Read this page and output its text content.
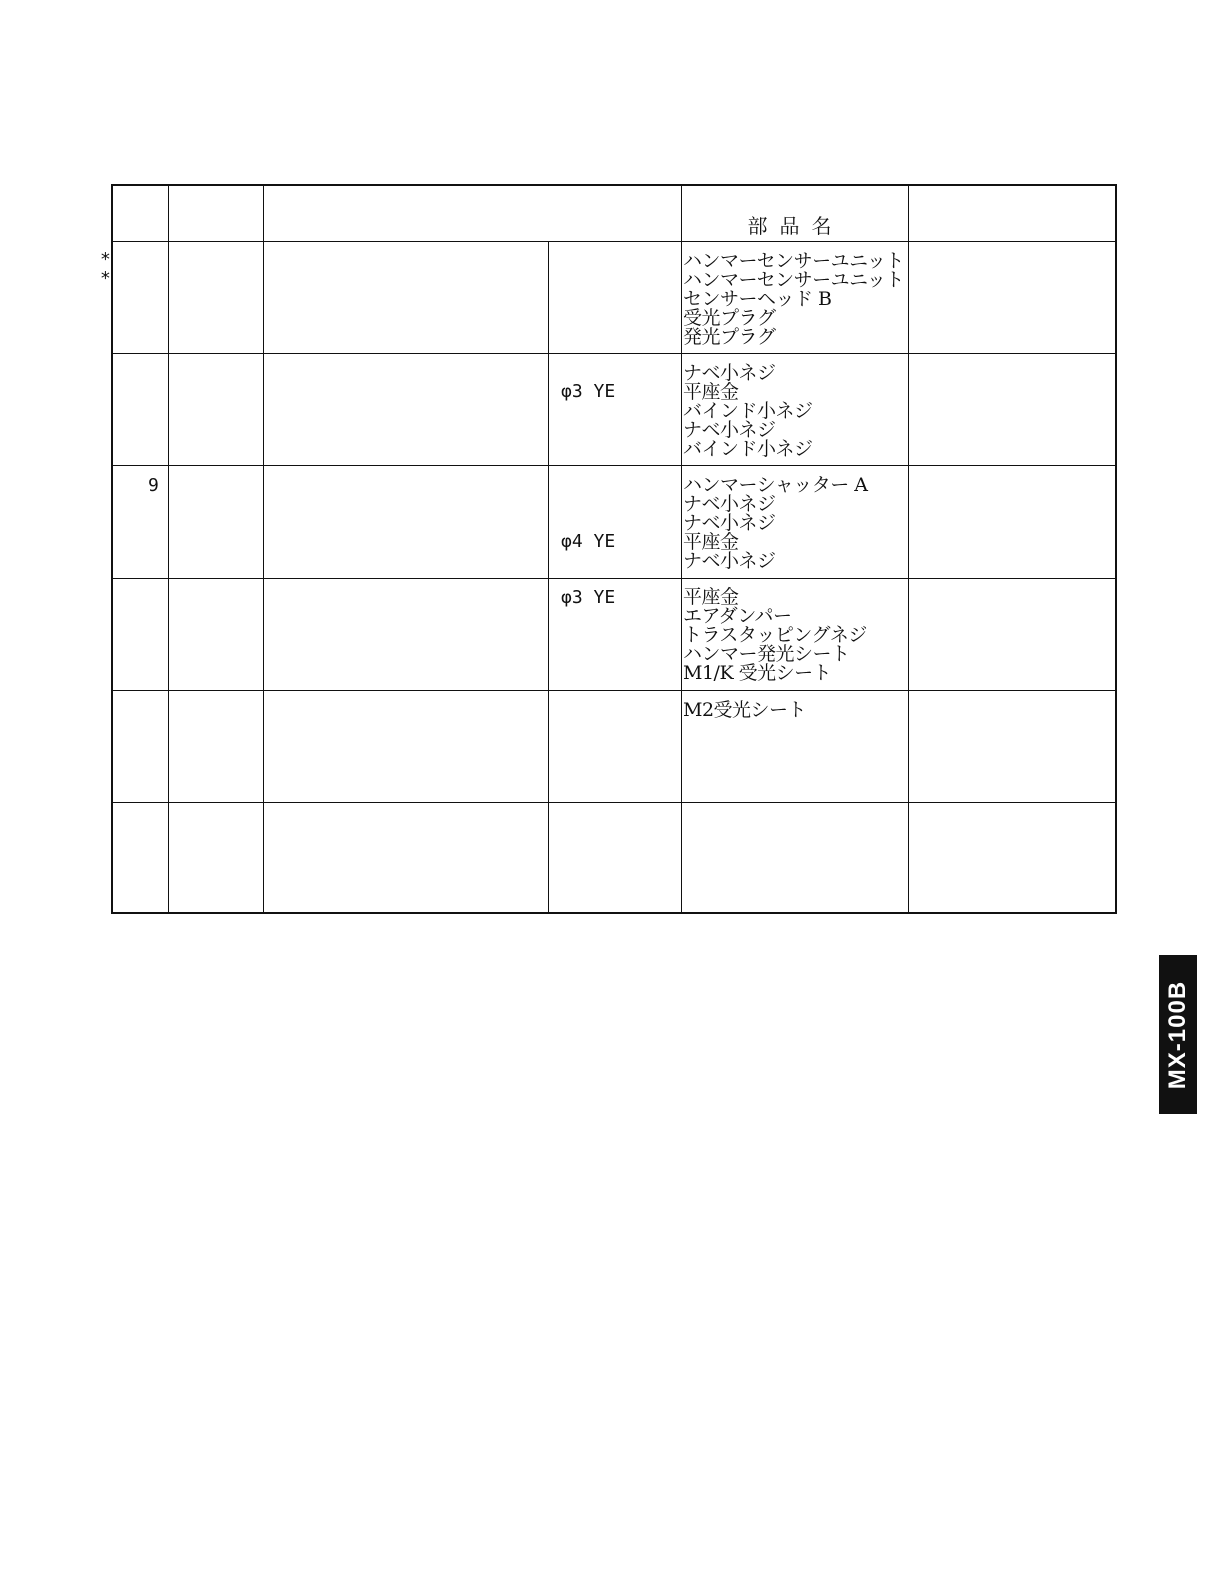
*
*
部品名
ハンマーセンサーユニット
ハンマーセンサーユニット
センサーヘッド B
受光プラグ
発光プラグ
φ3 YE
ナベ小ネジ
平座金
バインド小ネジ
ナベ小ネジ
バインド小ネジ
9
φ4 YE
ハンマーシャッター A
ナベ小ネジ
ナベ小ネジ
平座金
ナベ小ネジ
φ3 YE	平座金
エアダンパー
トラスタッピングネジ
ハンマー発光シート
M1/K 受光シート
M2受光シート
MX-100B
